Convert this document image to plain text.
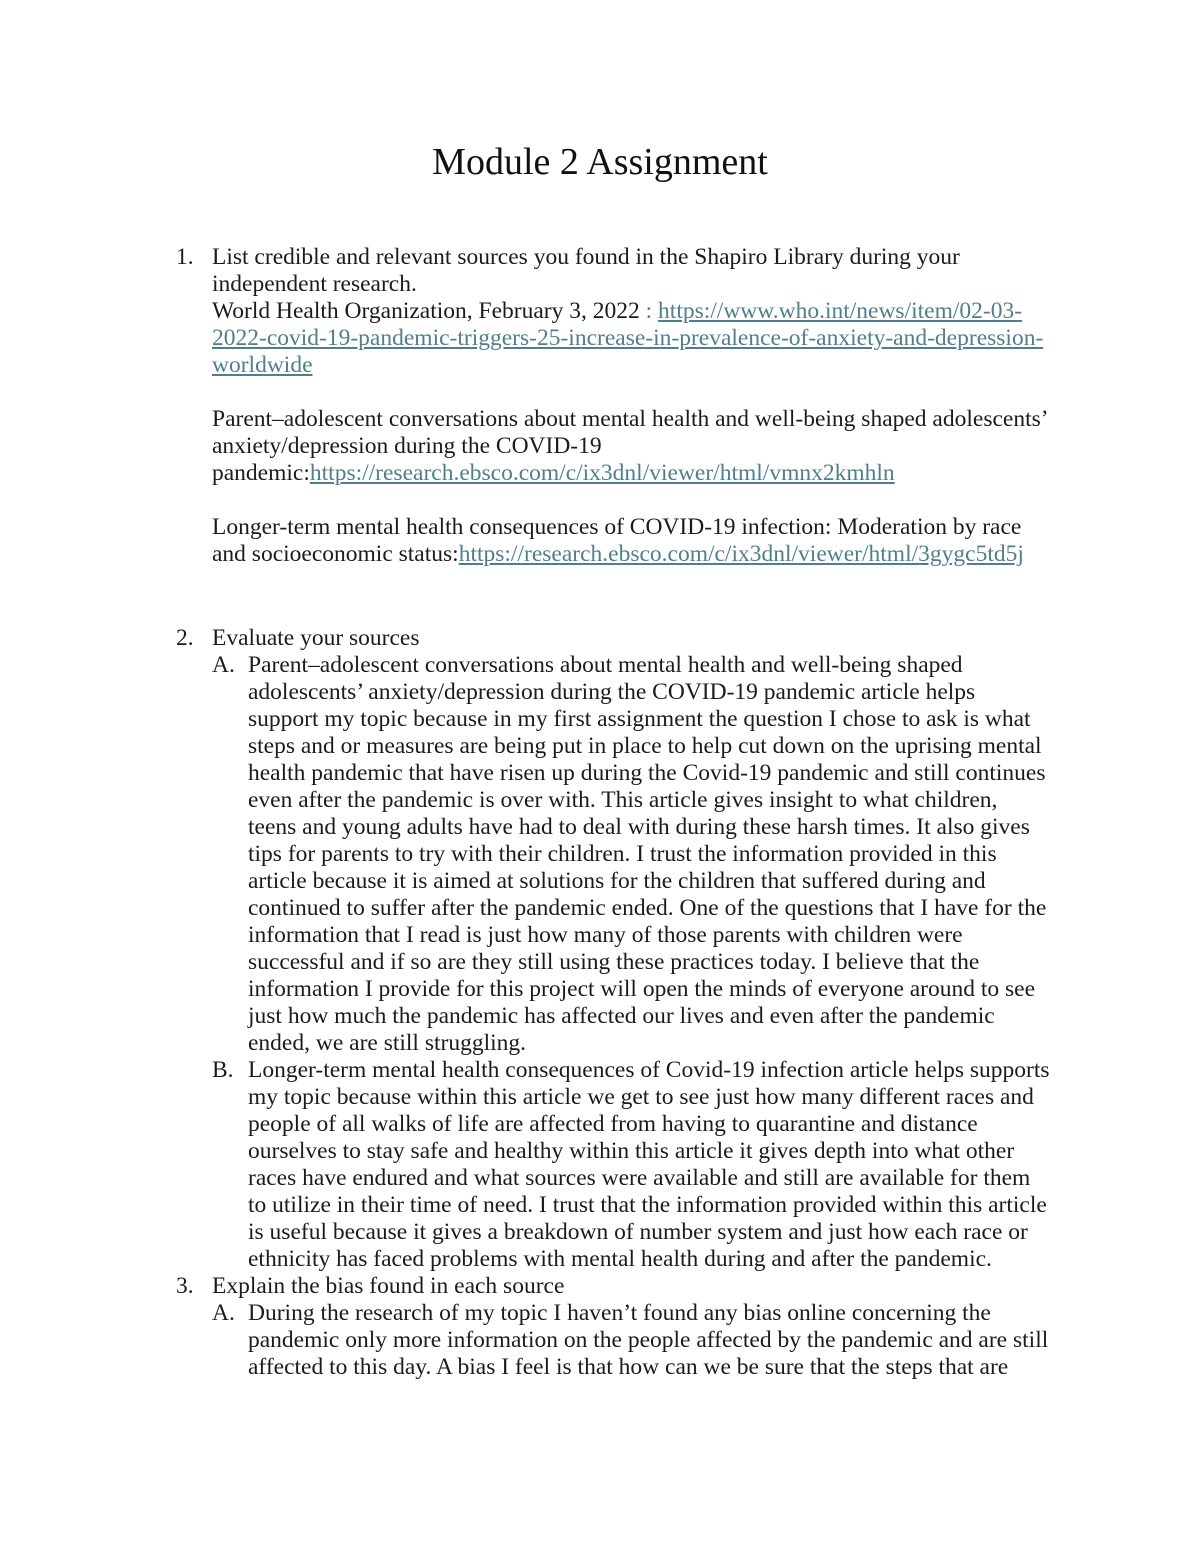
Module 2 Assignment
1. List credible and relevant sources you found in the Shapiro Library during your independent research.

World Health Organization, February 3, 2022 : https://www.who.int/news/item/02-03-2022-covid-19-pandemic-triggers-25-increase-in-prevalence-of-anxiety-and-depression-worldwide

Parent–adolescent conversations about mental health and well-being shaped adolescents’ anxiety/depression during the COVID-19 pandemic:https://research.ebsco.com/c/ix3dnl/viewer/html/vmnx2kmhln

Longer-term mental health consequences of COVID-19 infection: Moderation by race and socioeconomic status:https://research.ebsco.com/c/ix3dnl/viewer/html/3gygc5td5j

2. Evaluate your sources

A. Parent–adolescent conversations about mental health and well-being shaped adolescents’ anxiety/depression during the COVID-19 pandemic article helps support my topic because in my first assignment the question I chose to ask is what steps and or measures are being put in place to help cut down on the uprising mental health pandemic that have risen up during the Covid-19 pandemic and still continues even after the pandemic is over with. This article gives insight to what children, teens and young adults have had to deal with during these harsh times. It also gives tips for parents to try with their children. I trust the information provided in this article because it is aimed at solutions for the children that suffered during and continued to suffer after the pandemic ended. One of the questions that I have for the information that I read is just how many of those parents with children were successful and if so are they still using these practices today. I believe that the information I provide for this project will open the minds of everyone around to see just how much the pandemic has affected our lives and even after the pandemic ended, we are still struggling.

B. Longer-term mental health consequences of Covid-19 infection article helps supports my topic because within this article we get to see just how many different races and people of all walks of life are affected from having to quarantine and distance ourselves to stay safe and healthy within this article it gives depth into what other races have endured and what sources were available and still are available for them to utilize in their time of need. I trust that the information provided within this article is useful because it gives a breakdown of number system and just how each race or ethnicity has faced problems with mental health during and after the pandemic.

3. Explain the bias found in each source

A. During the research of my topic I haven’t found any bias online concerning the pandemic only more information on the people affected by the pandemic and are still affected to this day. A bias I feel is that how can we be sure that the steps that are
